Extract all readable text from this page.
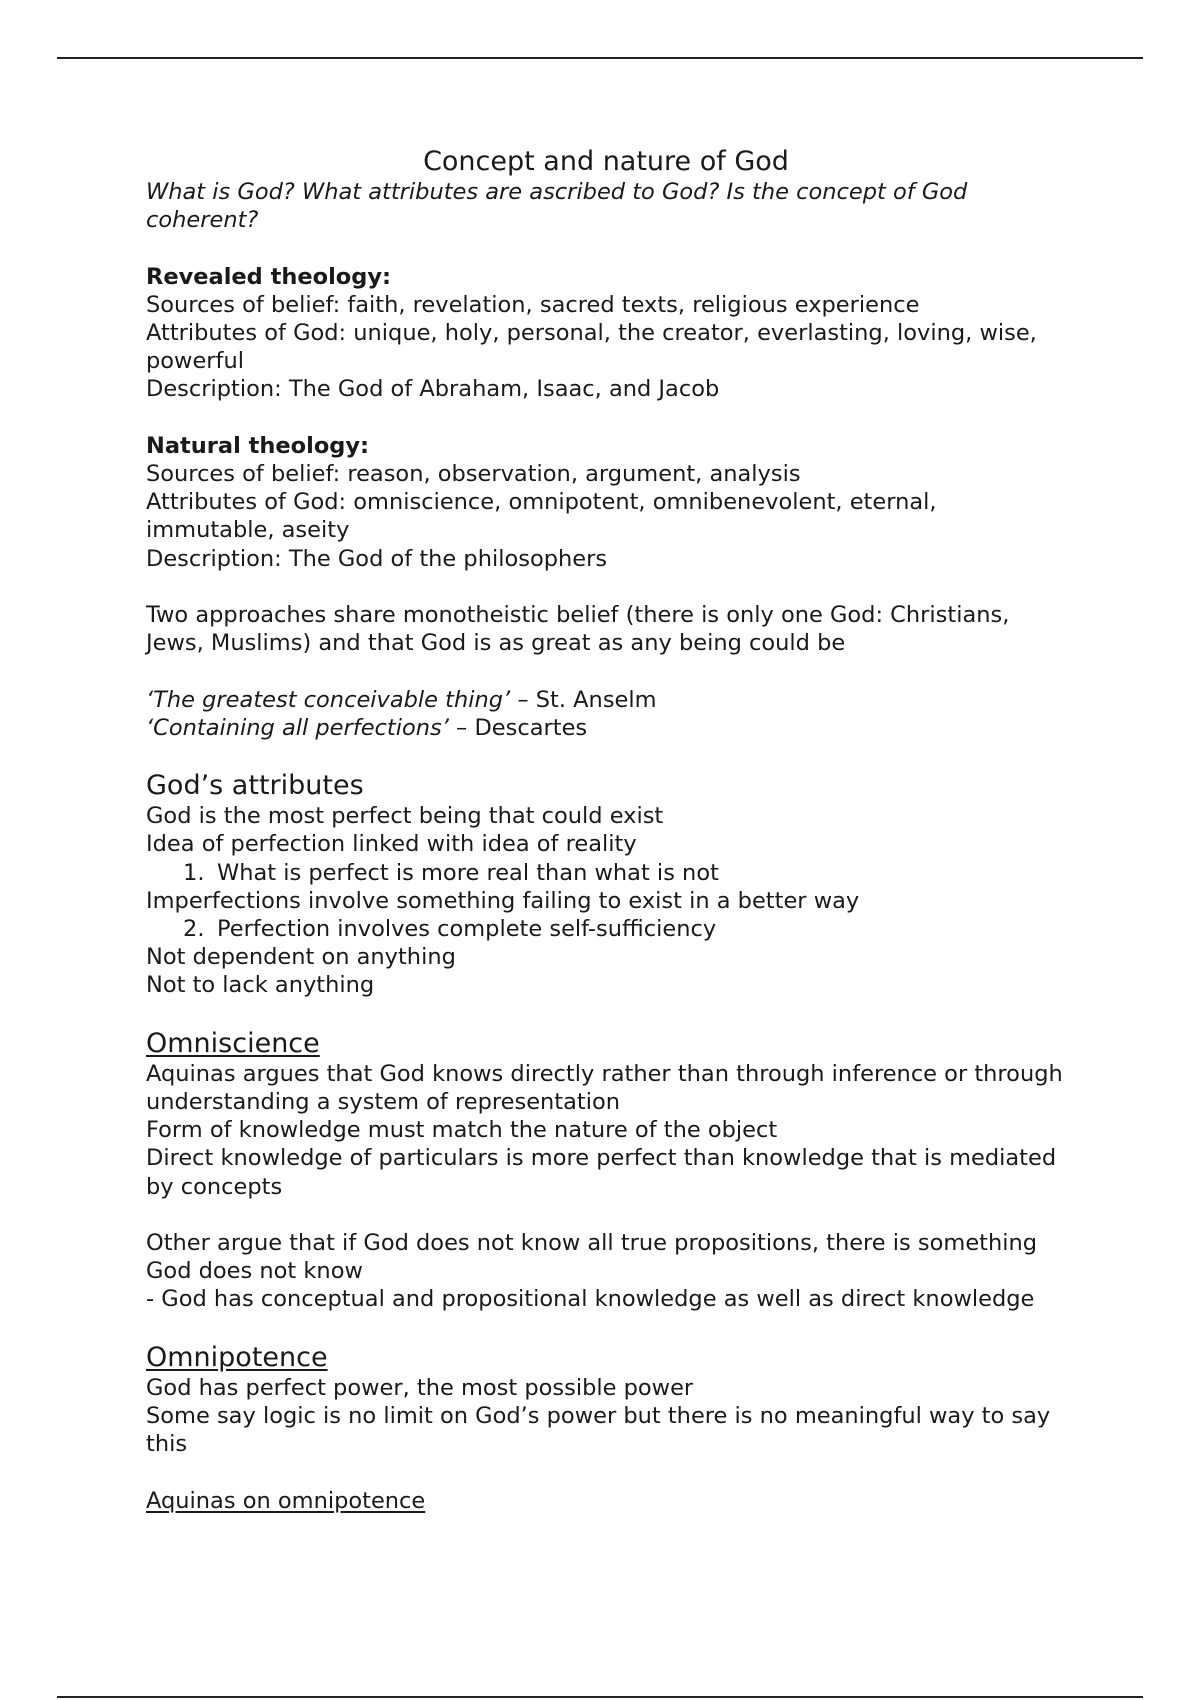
Concept and nature of God
What is God? What attributes are ascribed to God? Is the concept of God coherent?
Revealed theology:
Sources of belief: faith, revelation, sacred texts, religious experience
Attributes of God: unique, holy, personal, the creator, everlasting, loving, wise, powerful
Description: The God of Abraham, Isaac, and Jacob
Natural theology:
Sources of belief: reason, observation, argument, analysis
Attributes of God: omniscience, omnipotent, omnibenevolent, eternal, immutable, aseity
Description: The God of the philosophers
Two approaches share monotheistic belief (there is only one God: Christians, Jews, Muslims) and that God is as great as any being could be
‘The greatest conceivable thing’ – St. Anselm
‘Containing all perfections’ – Descartes
God’s attributes
God is the most perfect being that could exist
Idea of perfection linked with idea of reality
1. What is perfect is more real than what is not
Imperfections involve something failing to exist in a better way
2. Perfection involves complete self-sufficiency
Not dependent on anything
Not to lack anything
Omniscience
Aquinas argues that God knows directly rather than through inference or through understanding a system of representation
Form of knowledge must match the nature of the object
Direct knowledge of particulars is more perfect than knowledge that is mediated by concepts
Other argue that if God does not know all true propositions, there is something God does not know
- God has conceptual and propositional knowledge as well as direct knowledge
Omnipotence
God has perfect power, the most possible power
Some say logic is no limit on God’s power but there is no meaningful way to say this
Aquinas on omnipotence
